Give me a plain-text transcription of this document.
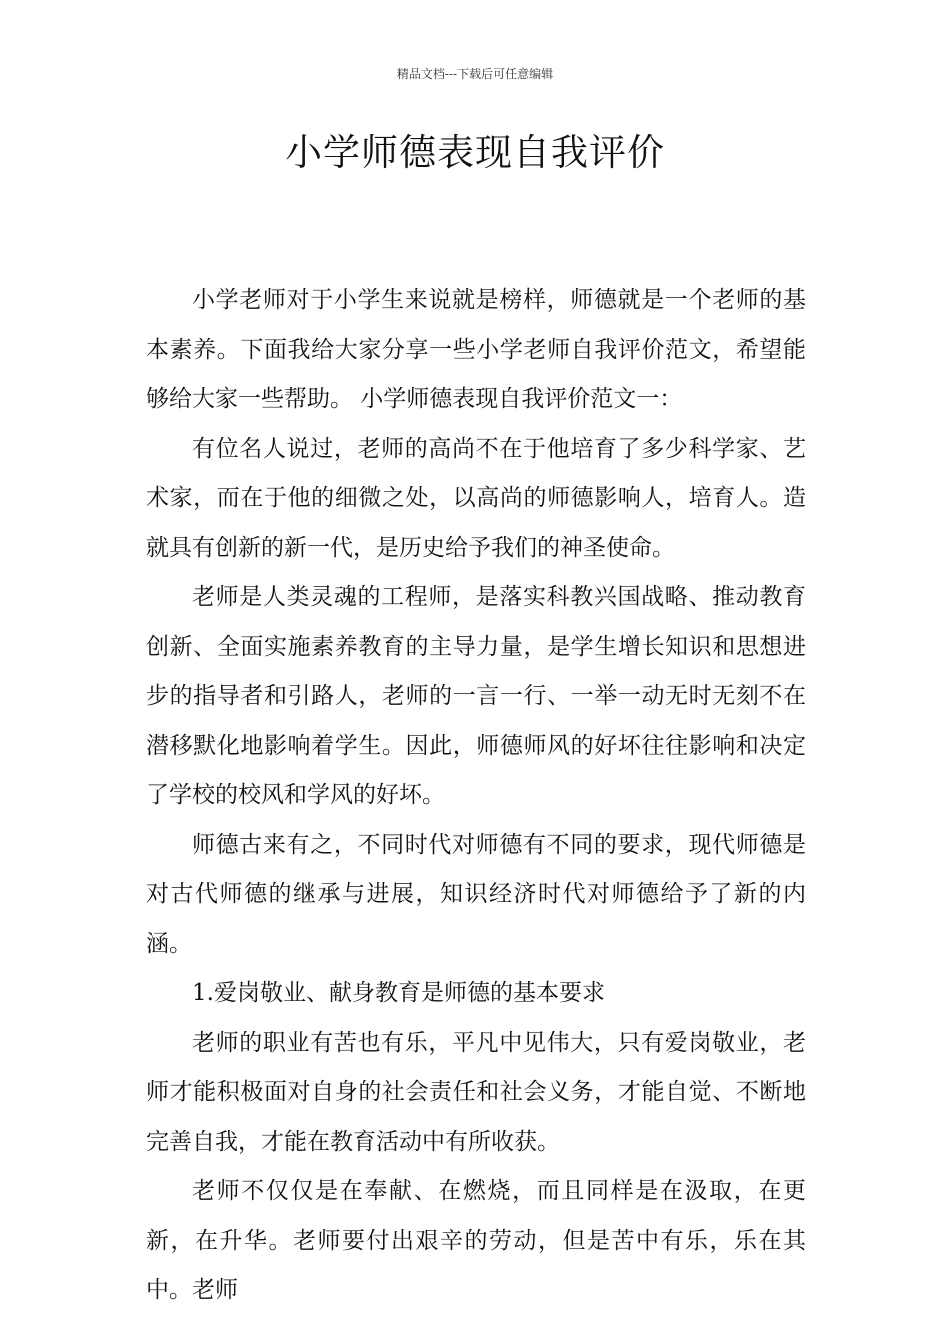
精品文档---下载后可任意编辑
小学师德表现自我评价

小学老师对于小学生来说就是榜样，师德就是一个老师的基本素养。下面我给大家分享一些小学老师自我评价范文，希望能够给大家一些帮助。 小学师德表现自我评价范文一：

有位名人说过，老师的高尚不在于他培育了多少科学家、艺术家，而在于他的细微之处，以高尚的师德影响人，培育人。造就具有创新的新一代，是历史给予我们的神圣使命。

老师是人类灵魂的工程师，是落实科教兴国战略、推动教育创新、全面实施素养教育的主导力量，是学生增长知识和思想进步的指导者和引路人，老师的一言一行、一举一动无时无刻不在潜移默化地影响着学生。因此，师德师风的好坏往往影响和决定了学校的校风和学风的好坏。

师德古来有之，不同时代对师德有不同的要求，现代师德是对古代师德的继承与进展，知识经济时代对师德给予了新的内涵。

1.爱岗敬业、献身教育是师德的基本要求

老师的职业有苦也有乐，平凡中见伟大，只有爱岗敬业，老师才能积极面对自身的社会责任和社会义务，才能自觉、不断地完善自我，才能在教育活动中有所收获。

老师不仅仅是在奉献、在燃烧，而且同样是在汲取，在更新，在升华。老师要付出艰辛的劳动，但是苦中有乐，乐在其中。老师
